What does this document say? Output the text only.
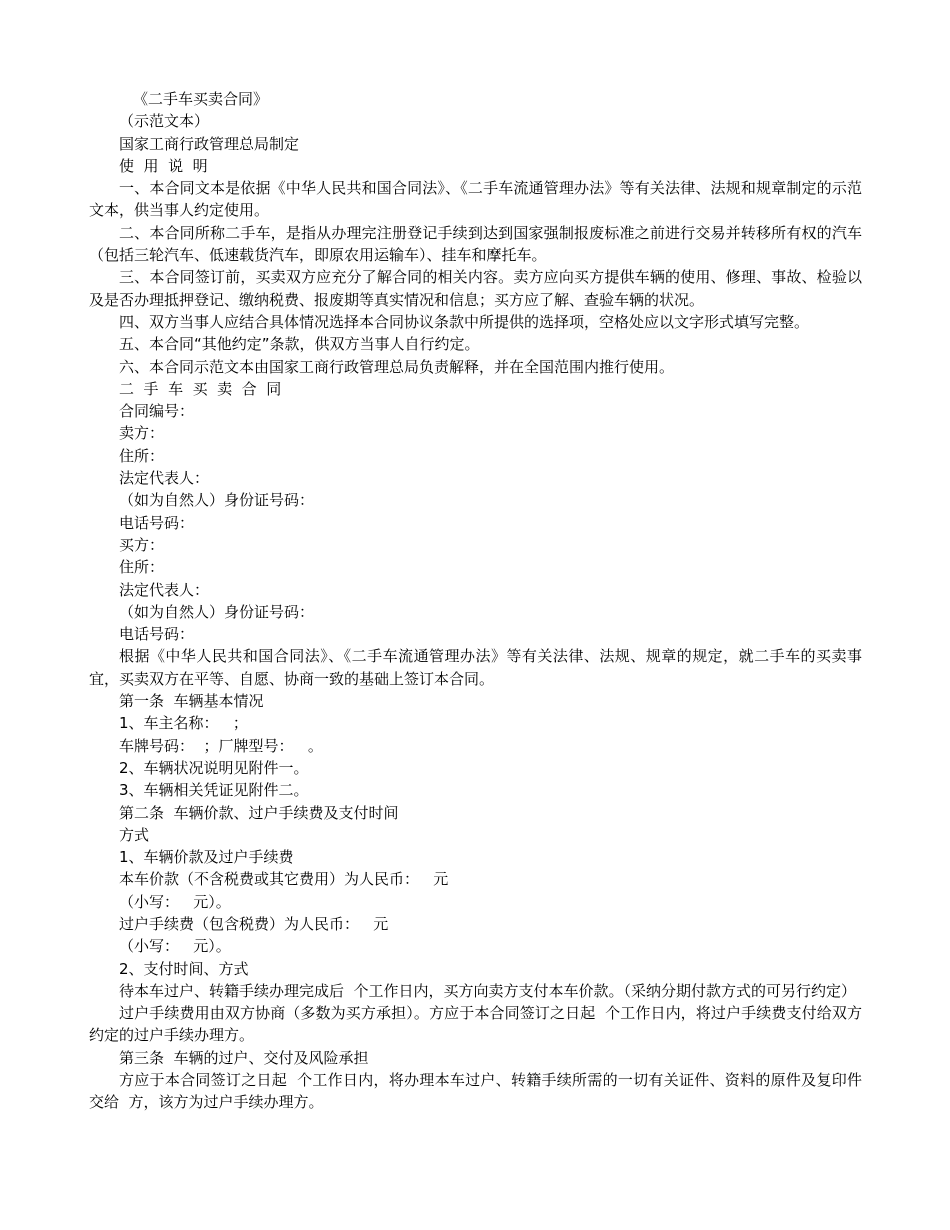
《二手车买卖合同》

（示范文本）

国家工商行政管理总局制定

使  用  说  明

一、本合同文本是依据《中华人民共和国合同法》、《二手车流通管理办法》等有关法律、法规和规章制定的示范文本，供当事人约定使用。

二、本合同所称二手车，是指从办理完注册登记手续到达到国家强制报废标准之前进行交易并转移所有权的汽车（包括三轮汽车、低速载货汽车，即原农用运输车）、挂车和摩托车。

三、本合同签订前，买卖双方应充分了解合同的相关内容。卖方应向买方提供车辆的使用、修理、事故、检验以及是否办理抵押登记、缴纳税费、报废期等真实情况和信息；买方应了解、查验车辆的状况。

四、双方当事人应结合具体情况选择本合同协议条款中所提供的选择项，空格处应以文字形式填写完整。

五、本合同“其他约定”条款，供双方当事人自行约定。

六、本合同示范文本由国家工商行政管理总局负责解释，并在全国范围内推行使用。

二  手  车  买  卖  合  同

合同编号：

卖方：

住所：

法定代表人：

（如为自然人）身份证号码：

电话号码：

买方：

住所：

法定代表人：

（如为自然人）身份证号码：

电话号码：

根据《中华人民共和国合同法》、《二手车流通管理办法》等有关法律、法规、规章的规定，就二手车的买卖事宜，买卖双方在平等、自愿、协商一致的基础上签订本合同。

第一条  车辆基本情况

1、车主名称：   ；

车牌号码：  ；厂牌型号：   。

2、车辆状况说明见附件一。

3、车辆相关凭证见附件二。

第二条  车辆价款、过户手续费及支付时间

方式

1、车辆价款及过户手续费

本车价款（不含税费或其它费用）为人民币：   元

（小写：   元）。

过户手续费（包含税费）为人民币：   元

（小写：   元）。

2、支付时间、方式

待本车过户、转籍手续办理完成后  个工作日内，买方向卖方支付本车价款。（采纳分期付款方式的可另行约定）

过户手续费用由双方协商（多数为买方承担）。方应于本合同签订之日起  个工作日内，将过户手续费支付给双方约定的过户手续办理方。

第三条  车辆的过户、交付及风险承担

方应于本合同签订之日起  个工作日内，将办理本车过户、转籍手续所需的一切有关证件、资料的原件及复印件交给  方，该方为过户手续办理方。
